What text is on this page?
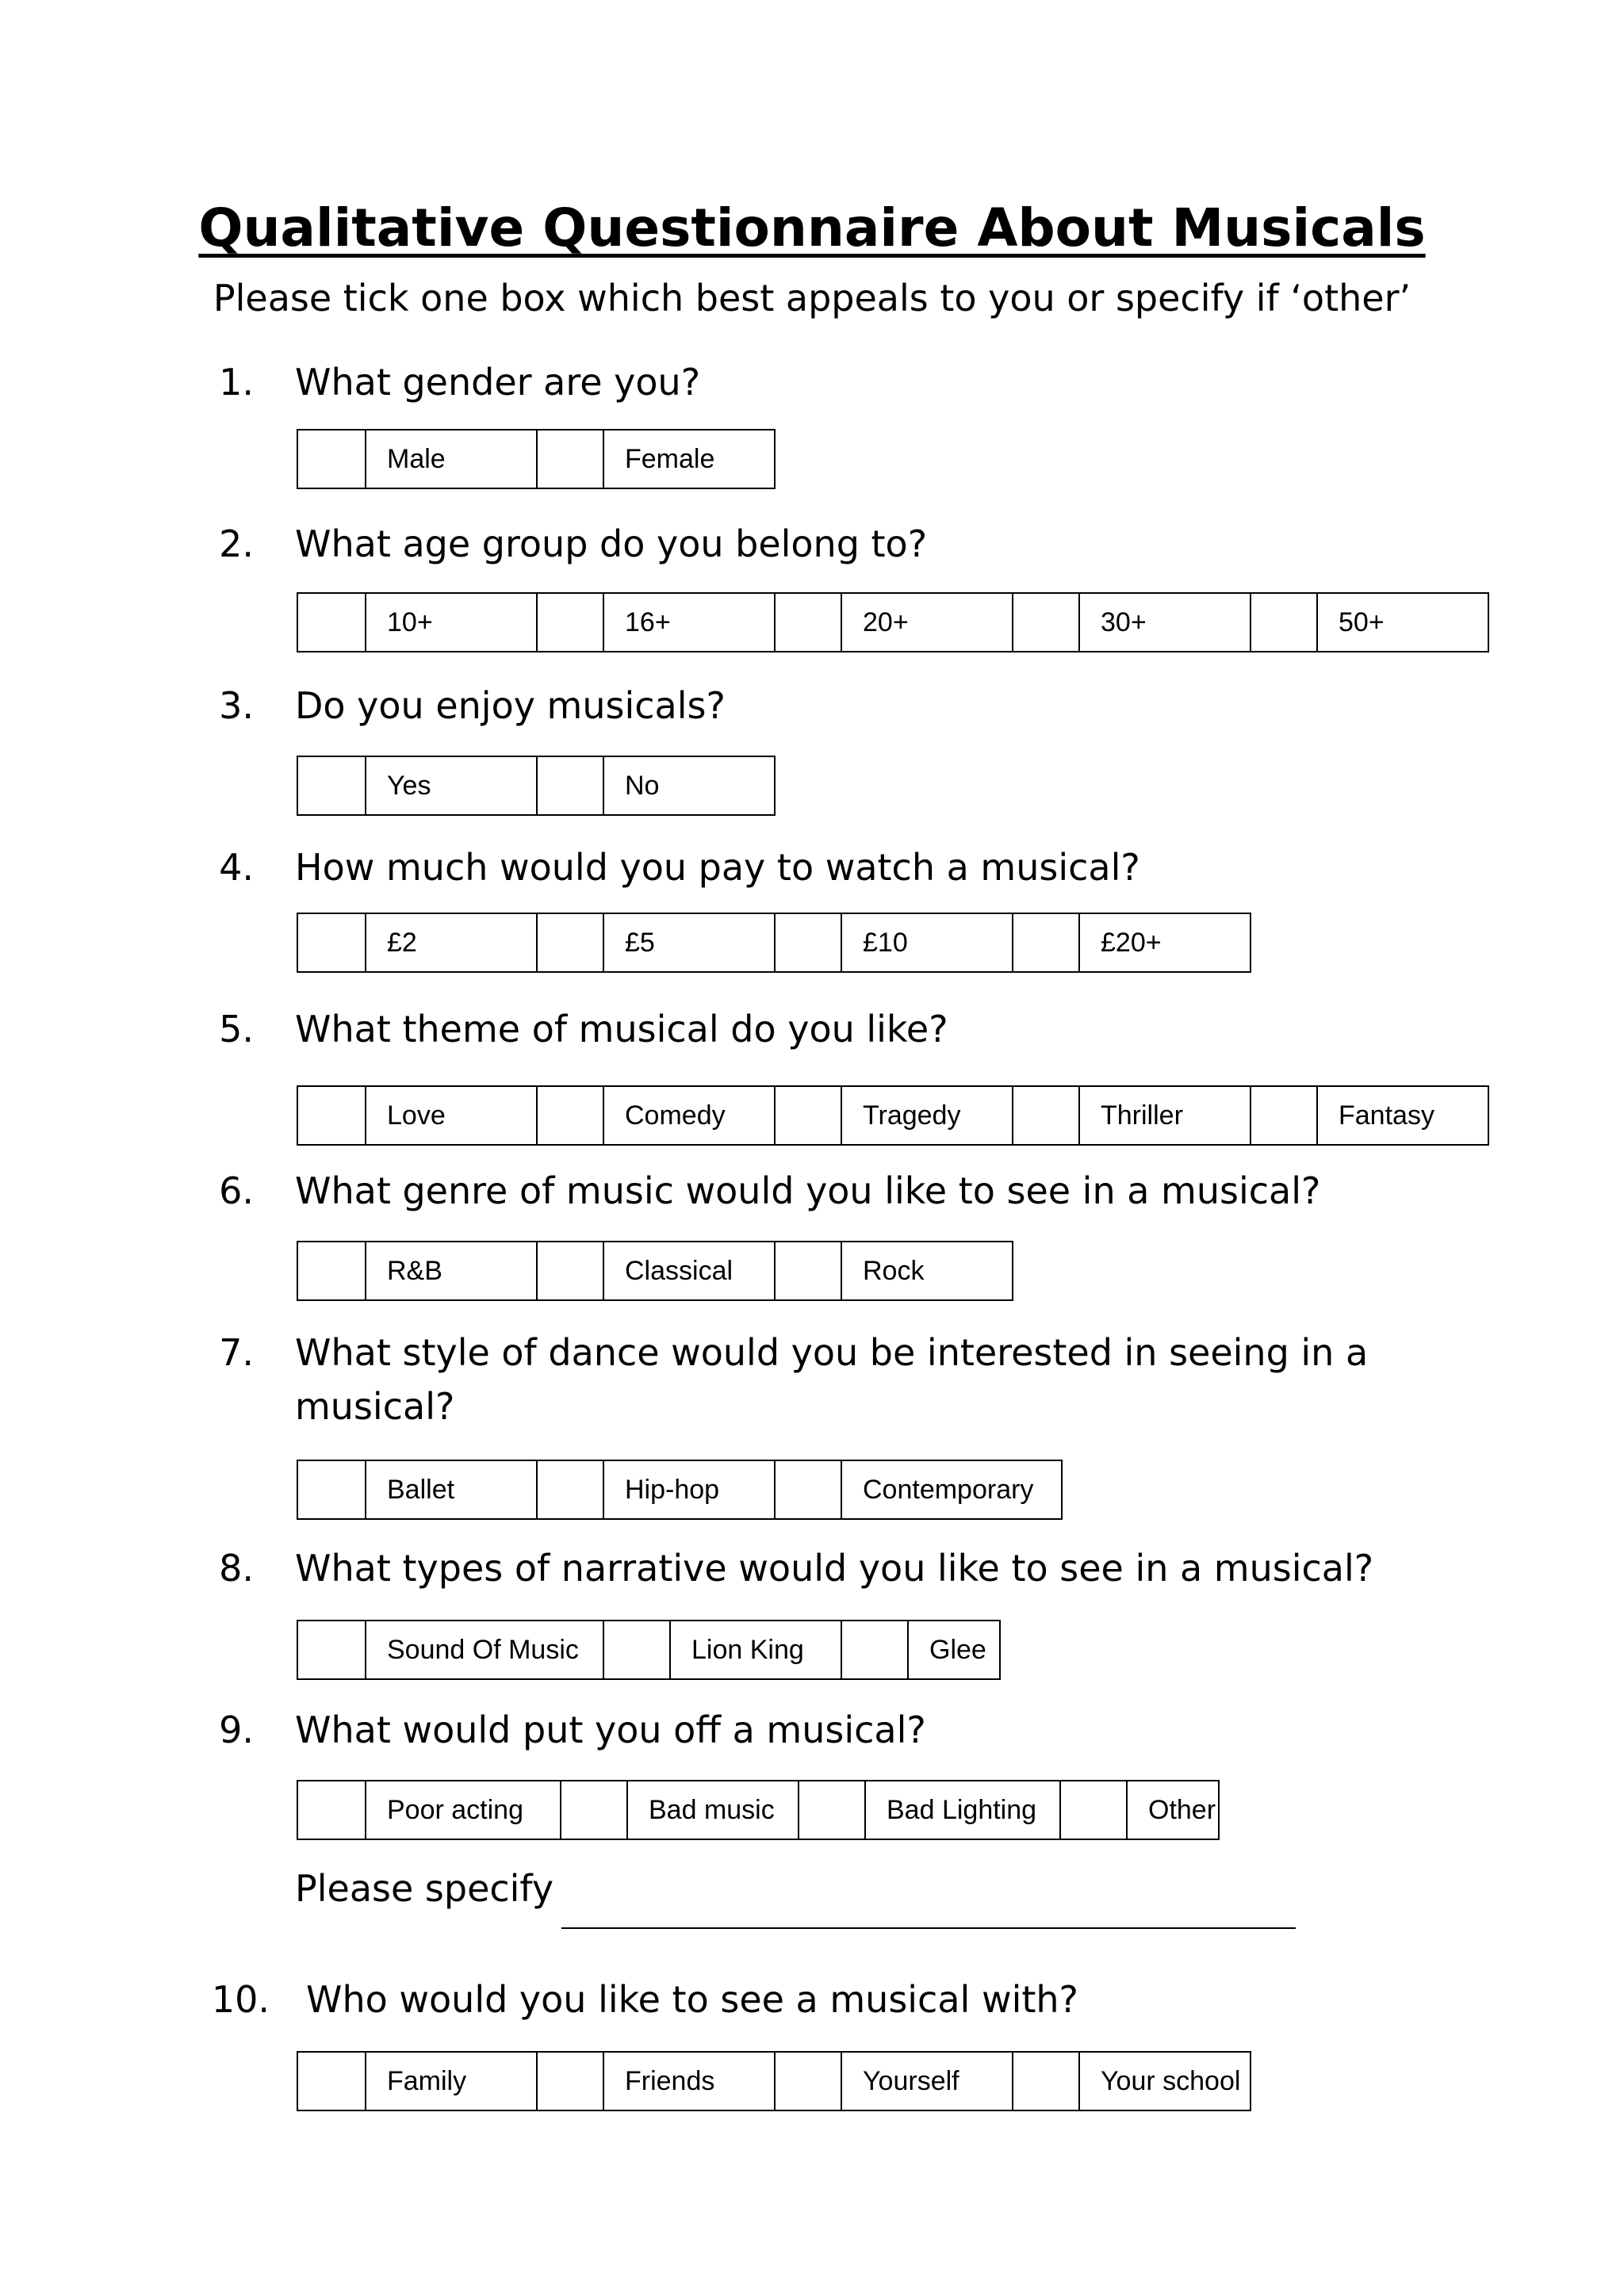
Qualitative Questionnaire About Musicals
Please tick one box which best appeals to you or specify if ‘other’
Please specify
1. What gender are you?
Male	Female
2. What age group do you belong to?
10+	16+	20+	30+	50+
3. Do you enjoy musicals?
Yes	No
4. How much would you pay to watch a musical?
£2	£5	£10	£20+
5. What theme of musical do you like?
Love	Comedy	Tragedy	Thriller	Fantasy
6. What genre of music would you like to see in a musical?
R&B	Classical	Rock
7. What style of dance would you be interested in seeing in a musical?
Ballet	Hip-hop	Contemporary
8. What types of narrative would you like to see in a musical?
Sound Of Music	Lion King	Glee
9. What would put you off a musical?
Poor acting	Bad music	Bad Lighting	Other
10. Who would you like to see a musical with?
Family	Friends	Yourself	Your school
